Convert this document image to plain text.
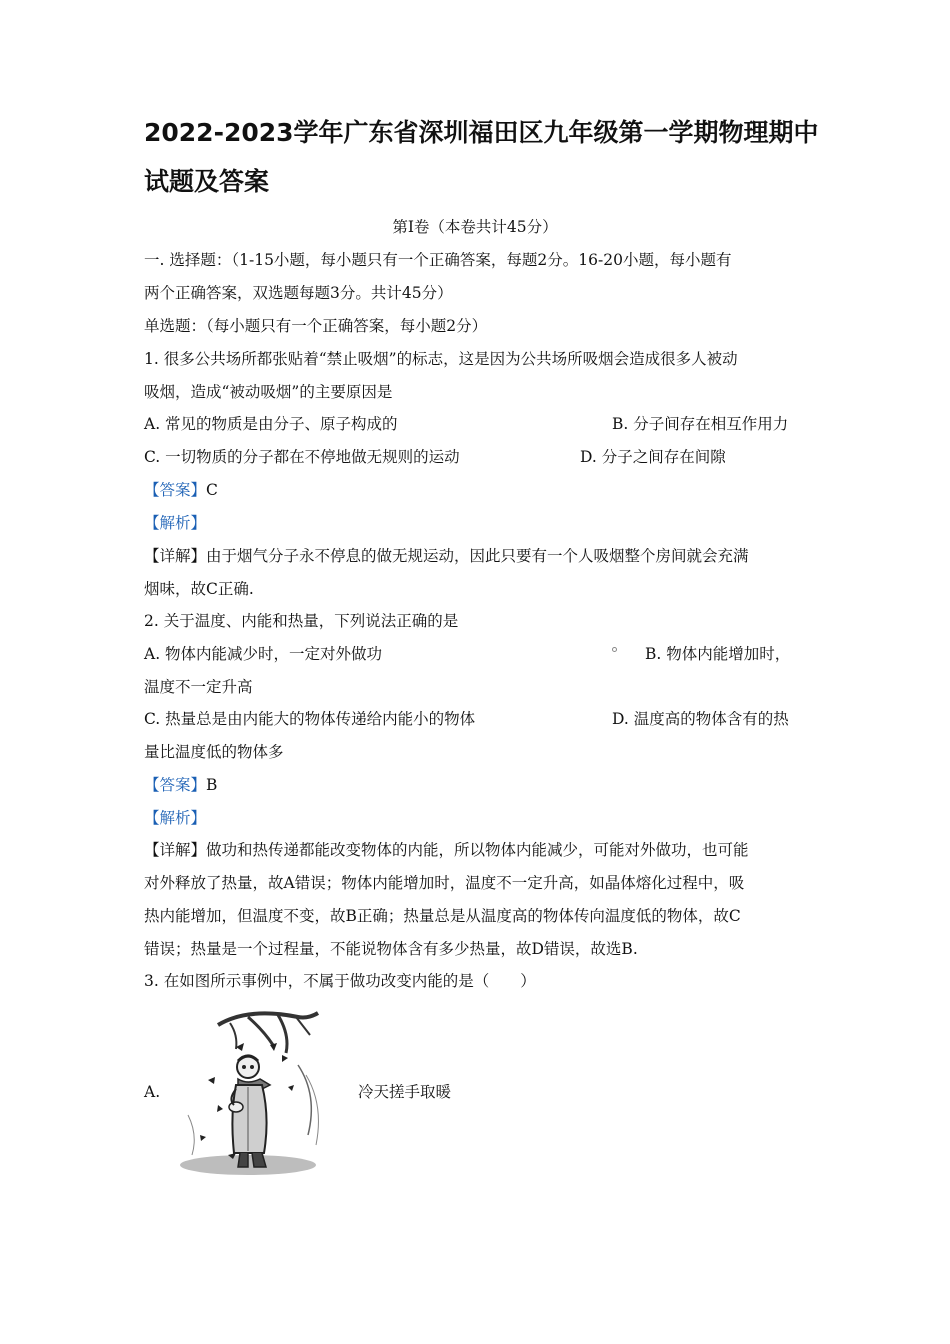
2022-2023学年广东省深圳福田区九年级第一学期物理期中
试题及答案
第Ⅰ卷（本卷共计45分）
一. 选择题：（1-15小题，每小题只有一个正确答案，每题2分。16-20小题，每小题有
两个正确答案，双选题每题3分。共计45分）
单选题：（每小题只有一个正确答案，每小题2分）
1. 很多公共场所都张贴着“禁止吸烟”的标志，这是因为公共场所吸烟会造成很多人被动
吸烟，造成“被动吸烟”的主要原因是
A. 常见的物质是由分子、原子构成的	B. 分子间存在相互作用力
C. 一切物质的分子都在不停地做无规则的运动	D. 分子之间存在间隙
【答案】C
【解析】
【详解】由于烟气分子永不停息的做无规运动，因此只要有一个人吸烟整个房间就会充满
烟味，故C正确.
2. 关于温度、内能和热量，下列说法正确的是
A. 物体内能减少时，一定对外做功	B. 物体内能增加时，
温度不一定升高
C. 热量总是由内能大的物体传递给内能小的物体	D. 温度高的物体含有的热
量比温度低的物体多
【答案】B
【解析】
【详解】做功和热传递都能改变物体的内能，所以物体内能减少，可能对外做功，也可能
对外释放了热量，故A错误；物体内能增加时，温度不一定升高，如晶体熔化过程中，吸
热内能增加，但温度不变，故B正确；热量总是从温度高的物体传向温度低的物体，故C
错误；热量是一个过程量，不能说物体含有多少热量，故D错误，故选B.
3. 在如图所示事例中，不属于做功改变内能的是（　　）
A.	冷天搓手取暖
